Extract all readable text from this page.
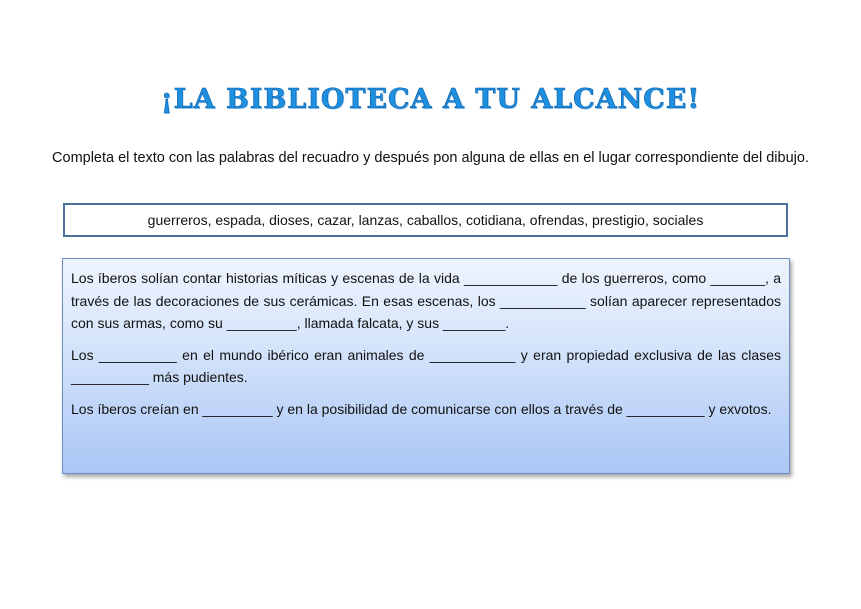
¡LA BIBLIOTECA A TU ALCANCE!

Completa el texto con las palabras del recuadro y después pon alguna de ellas en el lugar correspondiente del dibujo.

guerreros, espada, dioses, cazar, lanzas, caballos, cotidiana, ofrendas, prestigio, sociales

Los íberos solían contar historias míticas y escenas de la vida ____________ de los guerreros, como _______, a través de las decoraciones de sus cerámicas. En esas escenas, los ___________ solían aparecer representados con sus armas, como su _________, llamada falcata, y sus ________.

Los __________ en el mundo ibérico eran animales de ___________ y eran propiedad exclusiva de las clases __________ más pudientes.

Los íberos creían en _________ y en la posibilidad de comunicarse con ellos a través de __________ y exvotos.
